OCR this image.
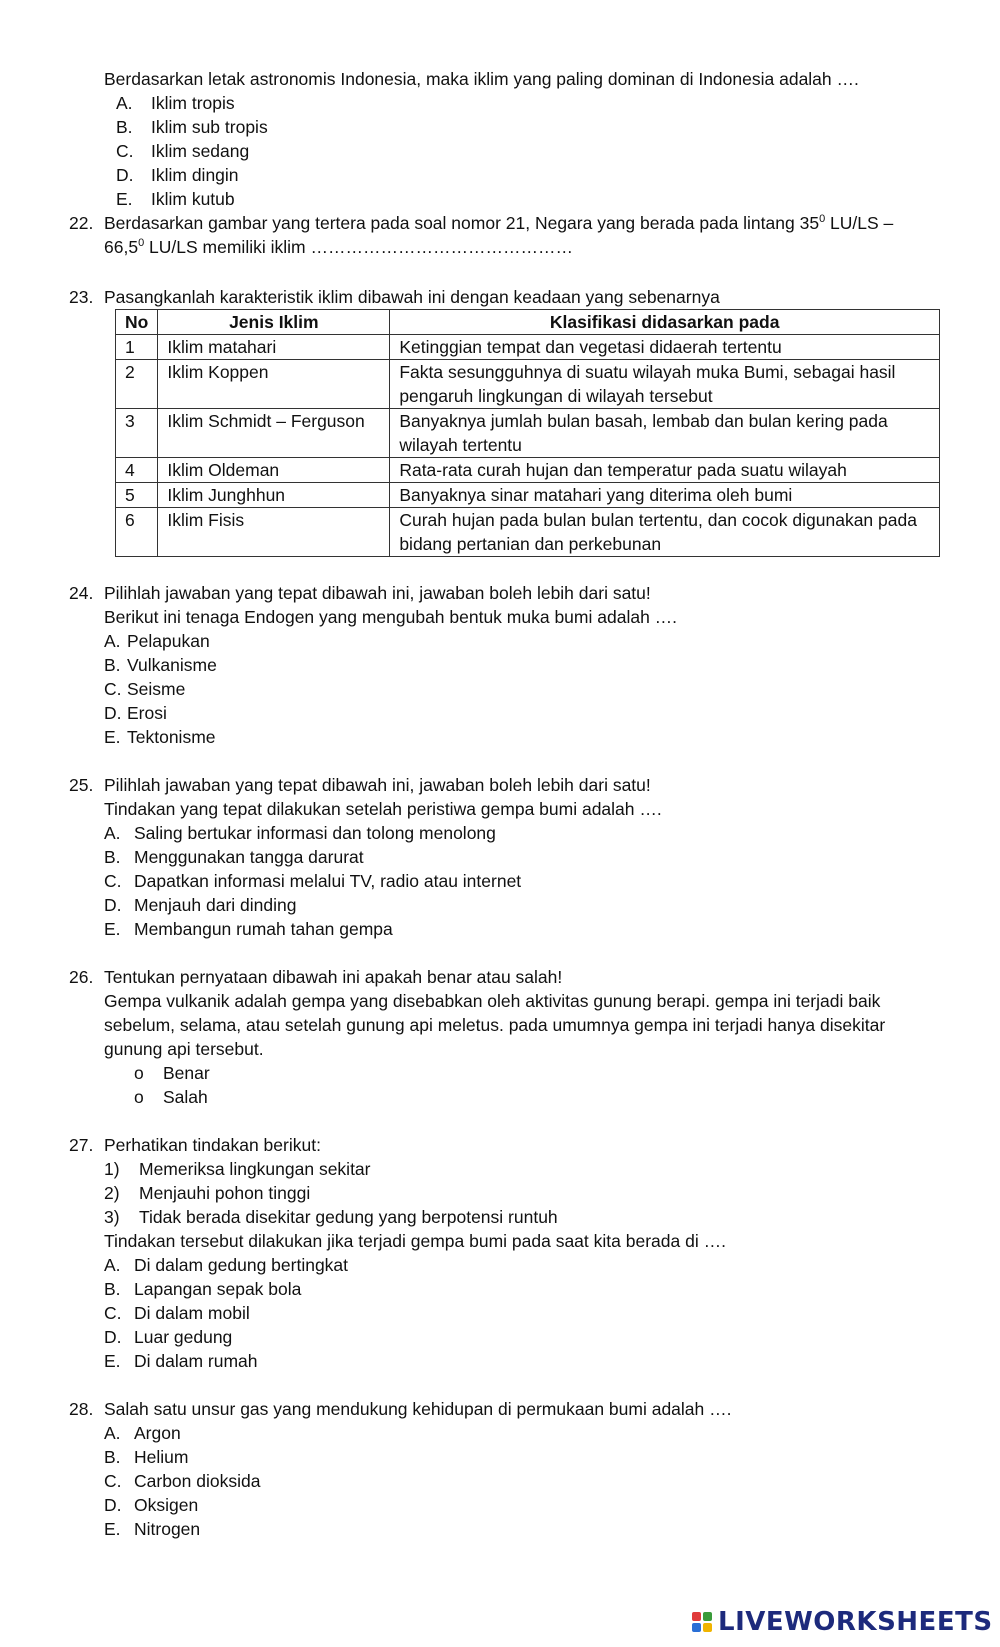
Berdasarkan letak astronomis Indonesia, maka iklim yang paling dominan di Indonesia adalah ….
A. Iklim tropis
B. Iklim sub tropis
C. Iklim sedang
D. Iklim dingin
E. Iklim kutub
22. Berdasarkan gambar yang tertera pada soal nomor 21, Negara yang berada pada lintang $35^0$ LU/LS –
66,5$^0$ LU/LS memiliki iklim ………………………………………
23. Pasangkanlah karakteristik iklim dibawah ini dengan keadaan yang sebenarnya
No	Jenis Iklim	Klasifikasi didasarkan pada
1	Iklim matahari	Ketinggian tempat dan vegetasi didaerah tertentu
2	Iklim Koppen	Fakta sesungguhnya di suatu wilayah muka Bumi, sebagai hasil pengaruh lingkungan di wilayah tersebut
3	Iklim Schmidt – Ferguson	Banyaknya jumlah bulan basah, lembab dan bulan kering pada wilayah tertentu
4	Iklim Oldeman	Rata-rata curah hujan dan temperatur pada suatu wilayah
5	Iklim Junghhun	Banyaknya sinar matahari yang diterima oleh bumi
6	Iklim Fisis	Curah hujan pada bulan bulan tertentu, dan cocok digunakan pada bidang pertanian dan perkebunan
24. Pilihlah jawaban yang tepat dibawah ini, jawaban boleh lebih dari satu!
Berikut ini tenaga Endogen yang mengubah bentuk muka bumi adalah ….
A. Pelapukan
B. Vulkanisme
C. Seisme
D. Erosi
E. Tektonisme
25. Pilihlah jawaban yang tepat dibawah ini, jawaban boleh lebih dari satu!
Tindakan yang tepat dilakukan setelah peristiwa gempa bumi adalah ….
A. Saling bertukar informasi dan tolong menolong
B. Menggunakan tangga darurat
C. Dapatkan informasi melalui TV, radio atau internet
D. Menjauh dari dinding
E. Membangun rumah tahan gempa
26. Tentukan pernyataan dibawah ini apakah benar atau salah!
Gempa vulkanik adalah gempa yang disebabkan oleh aktivitas gunung berapi. gempa ini terjadi baik
sebelum, selama, atau setelah gunung api meletus. pada umumnya gempa ini terjadi hanya disekitar
gunung api tersebut.
o Benar
o Salah
27. Perhatikan tindakan berikut:
1) Memeriksa lingkungan sekitar
2) Menjauhi pohon tinggi
3) Tidak berada disekitar gedung yang berpotensi runtuh
Tindakan tersebut dilakukan jika terjadi gempa bumi pada saat kita berada di ….
A. Di dalam gedung bertingkat
B. Lapangan sepak bola
C. Di dalam mobil
D. Luar gedung
E. Di dalam rumah
28. Salah satu unsur gas yang mendukung kehidupan di permukaan bumi adalah ….
A. Argon
B. Helium
C. Carbon dioksida
D. Oksigen
E. Nitrogen
LIVEWORKSHEETS
